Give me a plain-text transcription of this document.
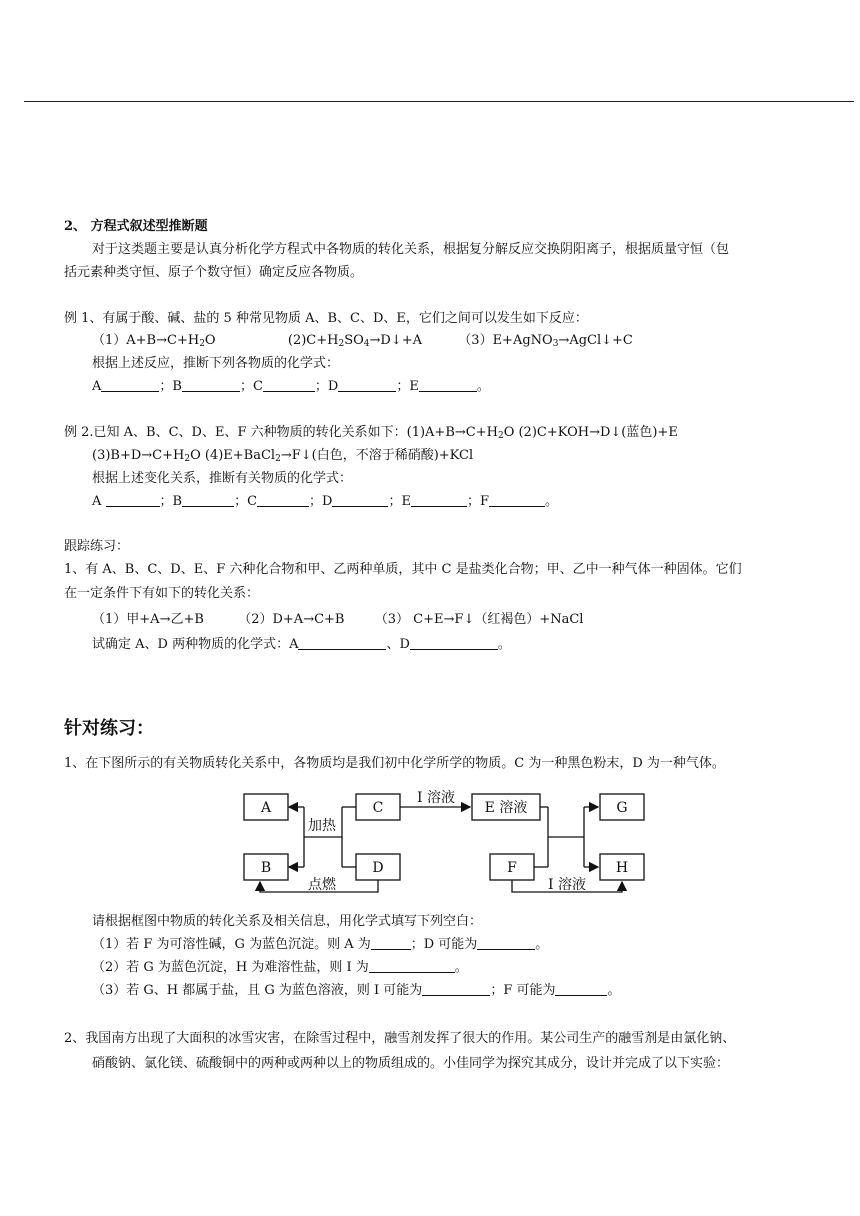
2、 方程式叙述型推断题
对于这类题主要是认真分析化学方程式中各物质的转化关系，根据复分解反应交换阴阳离子，根据质量守恒（包
括元素种类守恒、原子个数守恒）确定反应各物质。
例 1、有属于酸、碱、盐的 5 种常见物质 A、B、C、D、E，它们之间可以发生如下反应：
$(1)A+B\to C+H_2O$	$(2)C+H_2SO_4\to D↓+A$	（3）E+AgNO$_3$→AgCl↓+C
根据上述反应，推断下列各物质的化学式：
A	；B	；C	；D	；E	。
例 2.已知 A、B、C、D、E、F 六种物质的转化关系如下：$(1)A+B\to C+H_2O$ (2)C+KOH→D↓(蓝色)+E
$(3)B+D\to C+H_2O$ (4)E+BaCl$_2$→F↓(白色，不溶于稀硝酸)+KCl
根据上述变化关系，推断有关物质的化学式：
A	；B	；C	；D	；E	；F	。
跟踪练习：
1、有 A、B、C、D、E、F 六种化合物和甲、乙两种单质，其中 C 是盐类化合物；甲、乙中一种气体一种固体。它们
在一定条件下有如下的转化关系：
（1）甲+A→乙+B	（2）D+A→C+B （3） C+E→F↓（红褐色）+NaCl
试确定 A、D 两种物质的化学式：A	、D	。
针对练习：
1、在下图所示的有关物质转化关系中，各物质均是我们初中化学所学的物质。C 为一种黑色粉末，D 为一种气体。
A
B
C
D
E 溶液
F
G
H
加热
点燃
I 溶液
I 溶液
请根据框图中物质的转化关系及相关信息，用化学式填写下列空白：
（1）若 F 为可溶性碱，G 为蓝色沉淀。则 A 为	；D 可能为	。
（2）若 G 为蓝色沉淀，H 为难溶性盐，则 I 为	。
（3）若 G、H 都属于盐，且 G 为蓝色溶液，则 I 可能为	；F 可能为	。
2、我国南方出现了大面积的冰雪灾害，在除雪过程中，融雪剂发挥了很大的作用。某公司生产的融雪剂是由氯化钠、
硝酸钠、氯化镁、硫酸铜中的两种或两种以上的物质组成的。小佳同学为探究其成分，设计并完成了以下实验：
